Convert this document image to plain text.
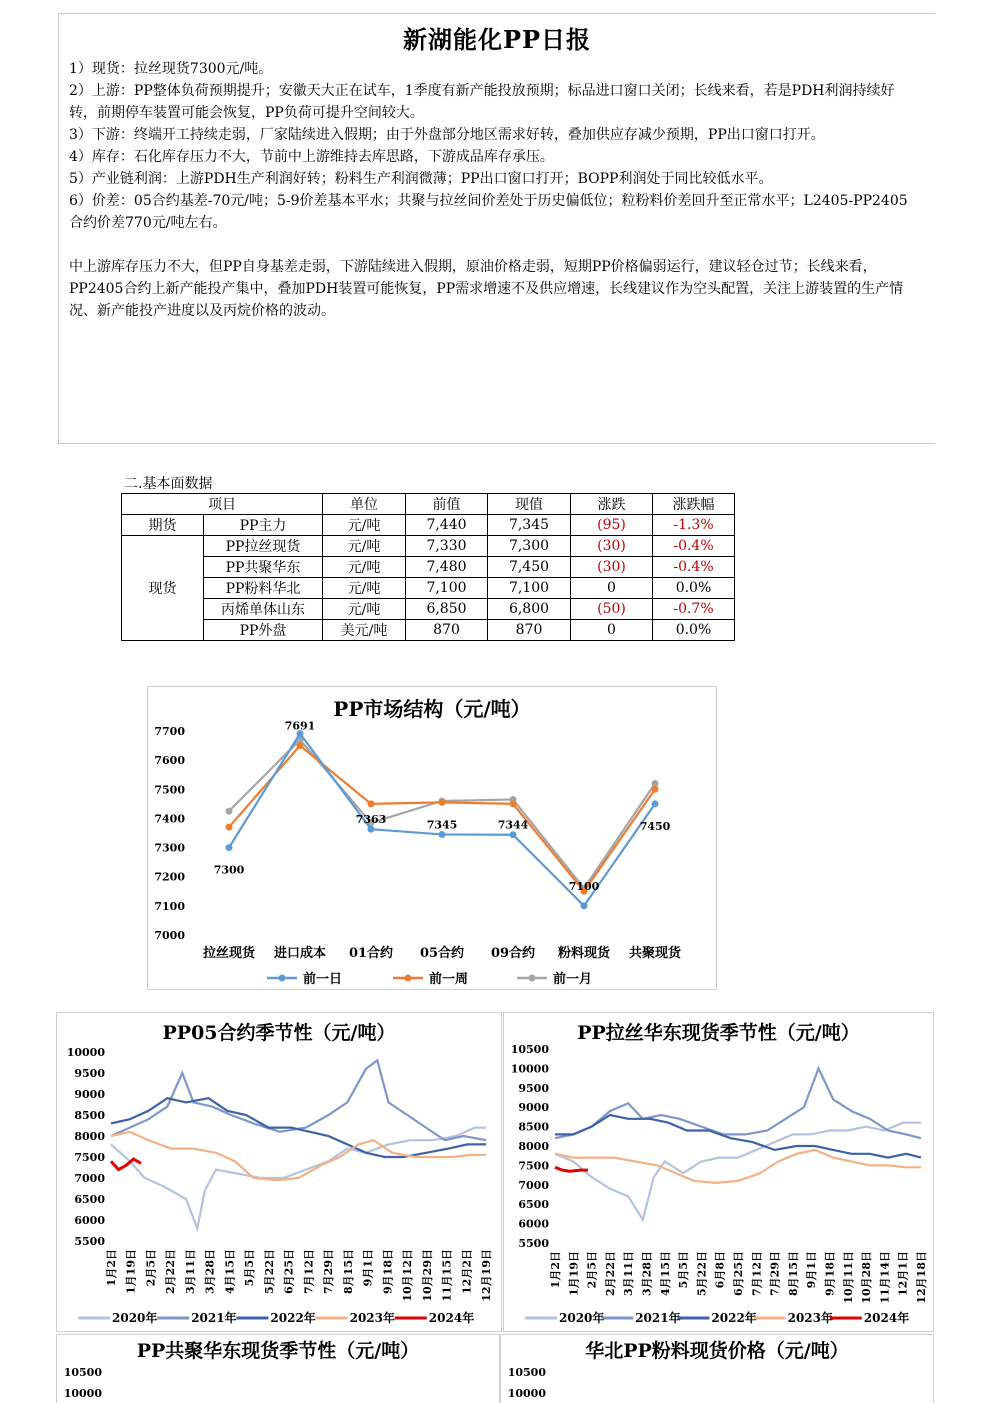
新湖能化PP日报

1）现货：拉丝现货7300元/吨。

2）上游：PP整体负荷预期提升；安徽天大正在试车，1季度有新产能投放预期；标品进口窗口关闭；长线来看，若是PDH利润持续好转，前期停车装置可能会恢复，PP负荷可提升空间较大。

3）下游：终端开工持续走弱，厂家陆续进入假期；由于外盘部分地区需求好转，叠加供应存减少预期，PP出口窗口打开。

4）库存：石化库存压力不大，节前中上游维持去库思路，下游成品库存承压。

5）产业链利润：上游PDH生产利润好转；粉料生产利润微薄；PP出口窗口打开；BOPP利润处于同比较低水平。

6）价差：05合约基差-70元/吨；5-9价差基本平水；共聚与拉丝间价差处于历史偏低位；粒粉料价差回升至正常水平；L2405-PP2405合约价差770元/吨左右。

中上游库存压力不大，但PP自身基差走弱，下游陆续进入假期，原油价格走弱，短期PP价格偏弱运行，建议轻仓过节；长线来看，PP2405合约上新产能投产集中，叠加PDH装置可能恢复，PP需求增速不及供应增速，长线建议作为空头配置，关注上游装置的生产情况、新产能投产进度以及丙烷价格的波动。

二.基本面数据
项目		单位	前值	现值	涨跌	涨跌幅
期货	PP主力	元/吨	7,440	7,345	(95)	-1.3%
现货	PP拉丝现货	元/吨	7,330	7,300	(30)	-0.4%
	PP共聚华东	元/吨	7,480	7,450	(30)	-0.4%
	PP粉料华北	元/吨	7,100	7,100	0	0.0%
	丙烯单体山东	元/吨	6,850	6,800	(50)	-0.7%
	PP外盘	美元/吨	870	870	0	0.0%
PP市场结构（元/吨）
7700
7600
7500
7400
7300
7200
7100
7000
拉丝现货 进口成本 01合约 05合约 09合约 粉料现货 共聚现货
7300
7691
7363	7345	7344
7100
7450
前一日	前一周	前一月
PP05合约季节性（元/吨）
10000
9500
9000
8500
8000
7500
7000
6500
6000
5500
1月2日 1月19日 2月5日 2月22日 3月11日 3月28日 4月15日 5月5日 5月22日 6月25日 7月12日 7月29日 8月15日 9月1日 9月18日 10月12日 10月29日 11月15日 12月2日 12月19日
2020年	2021年	2022年	2023年	2024年
PP拉丝华东现货季节性（元/吨）
10500
10000
9500
9000
8500
8000
7500
7000
6500
6000
5500
1月2日 1月19日 2月5日 2月22日 3月11日 3月28日 4月15日 5月5日 5月22日 6月8日 6月25日 7月12日 7月29日 8月15日 9月1日 9月18日 10月11日 10月28日 11月14日 12月1日 12月18日
2020年	2021年	2022年	2023年	2024年
PP共聚华东现货季节性（元/吨）
10500
10000
华北PP粉料现货价格（元/吨）
10500
10000
